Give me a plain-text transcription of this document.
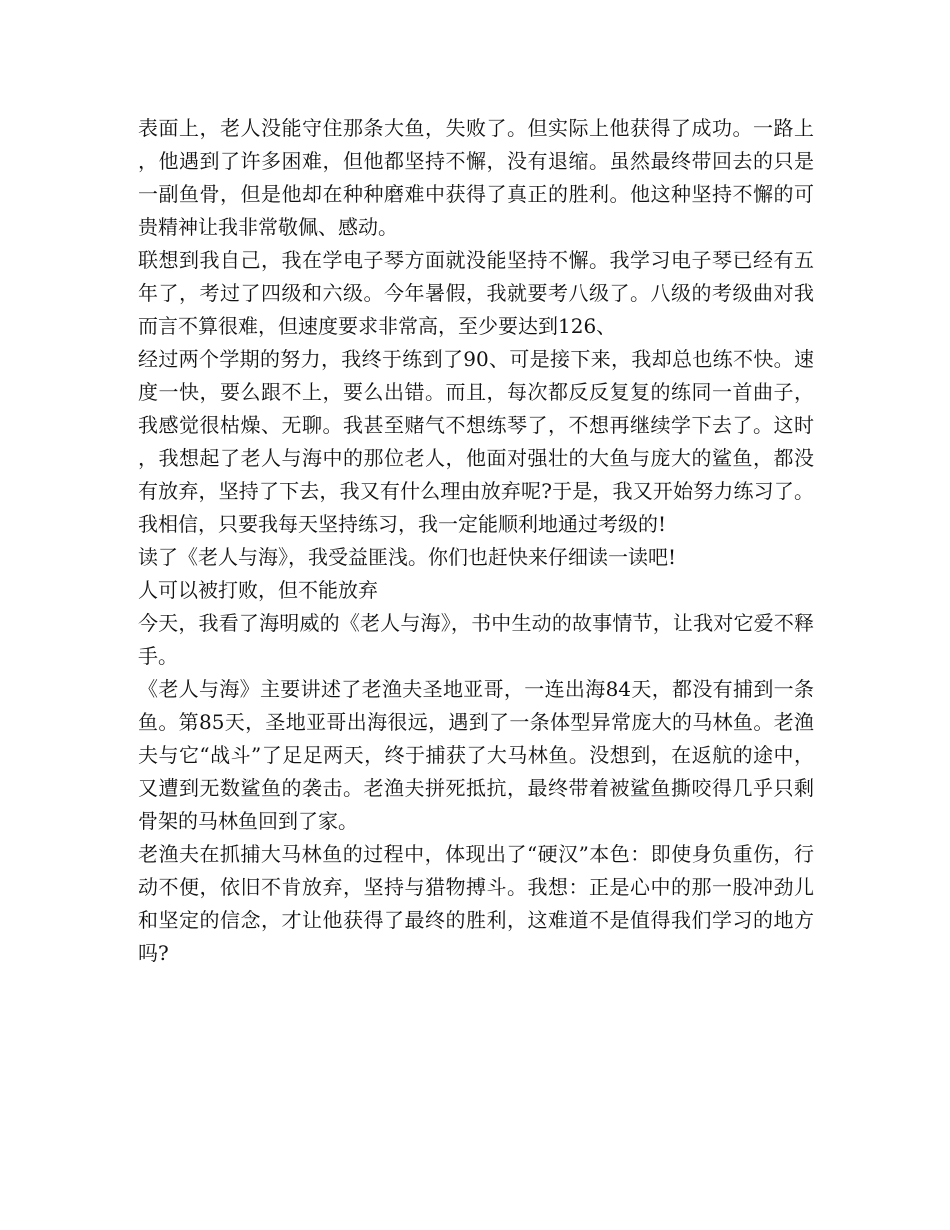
表面上，老人没能守住那条大鱼，失败了。但实际上他获得了成功。一路上，他遇到了许多困难，但他都坚持不懈，没有退缩。虽然最终带回去的只是一副鱼骨，但是他却在种种磨难中获得了真正的胜利。他这种坚持不懈的可贵精神让我非常敬佩、感动。

联想到我自己，我在学电子琴方面就没能坚持不懈。我学习电子琴已经有五年了，考过了四级和六级。今年暑假，我就要考八级了。八级的考级曲对我而言不算很难，但速度要求非常高，至少要达到126、

经过两个学期的努力，我终于练到了90、可是接下来，我却总也练不快。速度一快，要么跟不上，要么出错。而且，每次都反反复复的练同一首曲子，我感觉很枯燥、无聊。我甚至赌气不想练琴了，不想再继续学下去了。这时，我想起了老人与海中的那位老人，他面对强壮的大鱼与庞大的鲨鱼，都没有放弃，坚持了下去，我又有什么理由放弃呢?于是，我又开始努力练习了。我相信，只要我每天坚持练习，我一定能顺利地通过考级的!

读了《老人与海》，我受益匪浅。你们也赶快来仔细读一读吧!

人可以被打败，但不能放弃

今天，我看了海明威的《老人与海》，书中生动的故事情节，让我对它爱不释手。

《老人与海》主要讲述了老渔夫圣地亚哥，一连出海84天，都没有捕到一条鱼。第85天，圣地亚哥出海很远，遇到了一条体型异常庞大的马林鱼。老渔夫与它“战斗”了足足两天，终于捕获了大马林鱼。没想到，在返航的途中，又遭到无数鲨鱼的袭击。老渔夫拼死抵抗，最终带着被鲨鱼撕咬得几乎只剩骨架的马林鱼回到了家。

老渔夫在抓捕大马林鱼的过程中，体现出了“硬汉”本色：即使身负重伤，行动不便，依旧不肯放弃，坚持与猎物搏斗。我想：正是心中的那一股冲劲儿和坚定的信念，才让他获得了最终的胜利，这难道不是值得我们学习的地方吗?
